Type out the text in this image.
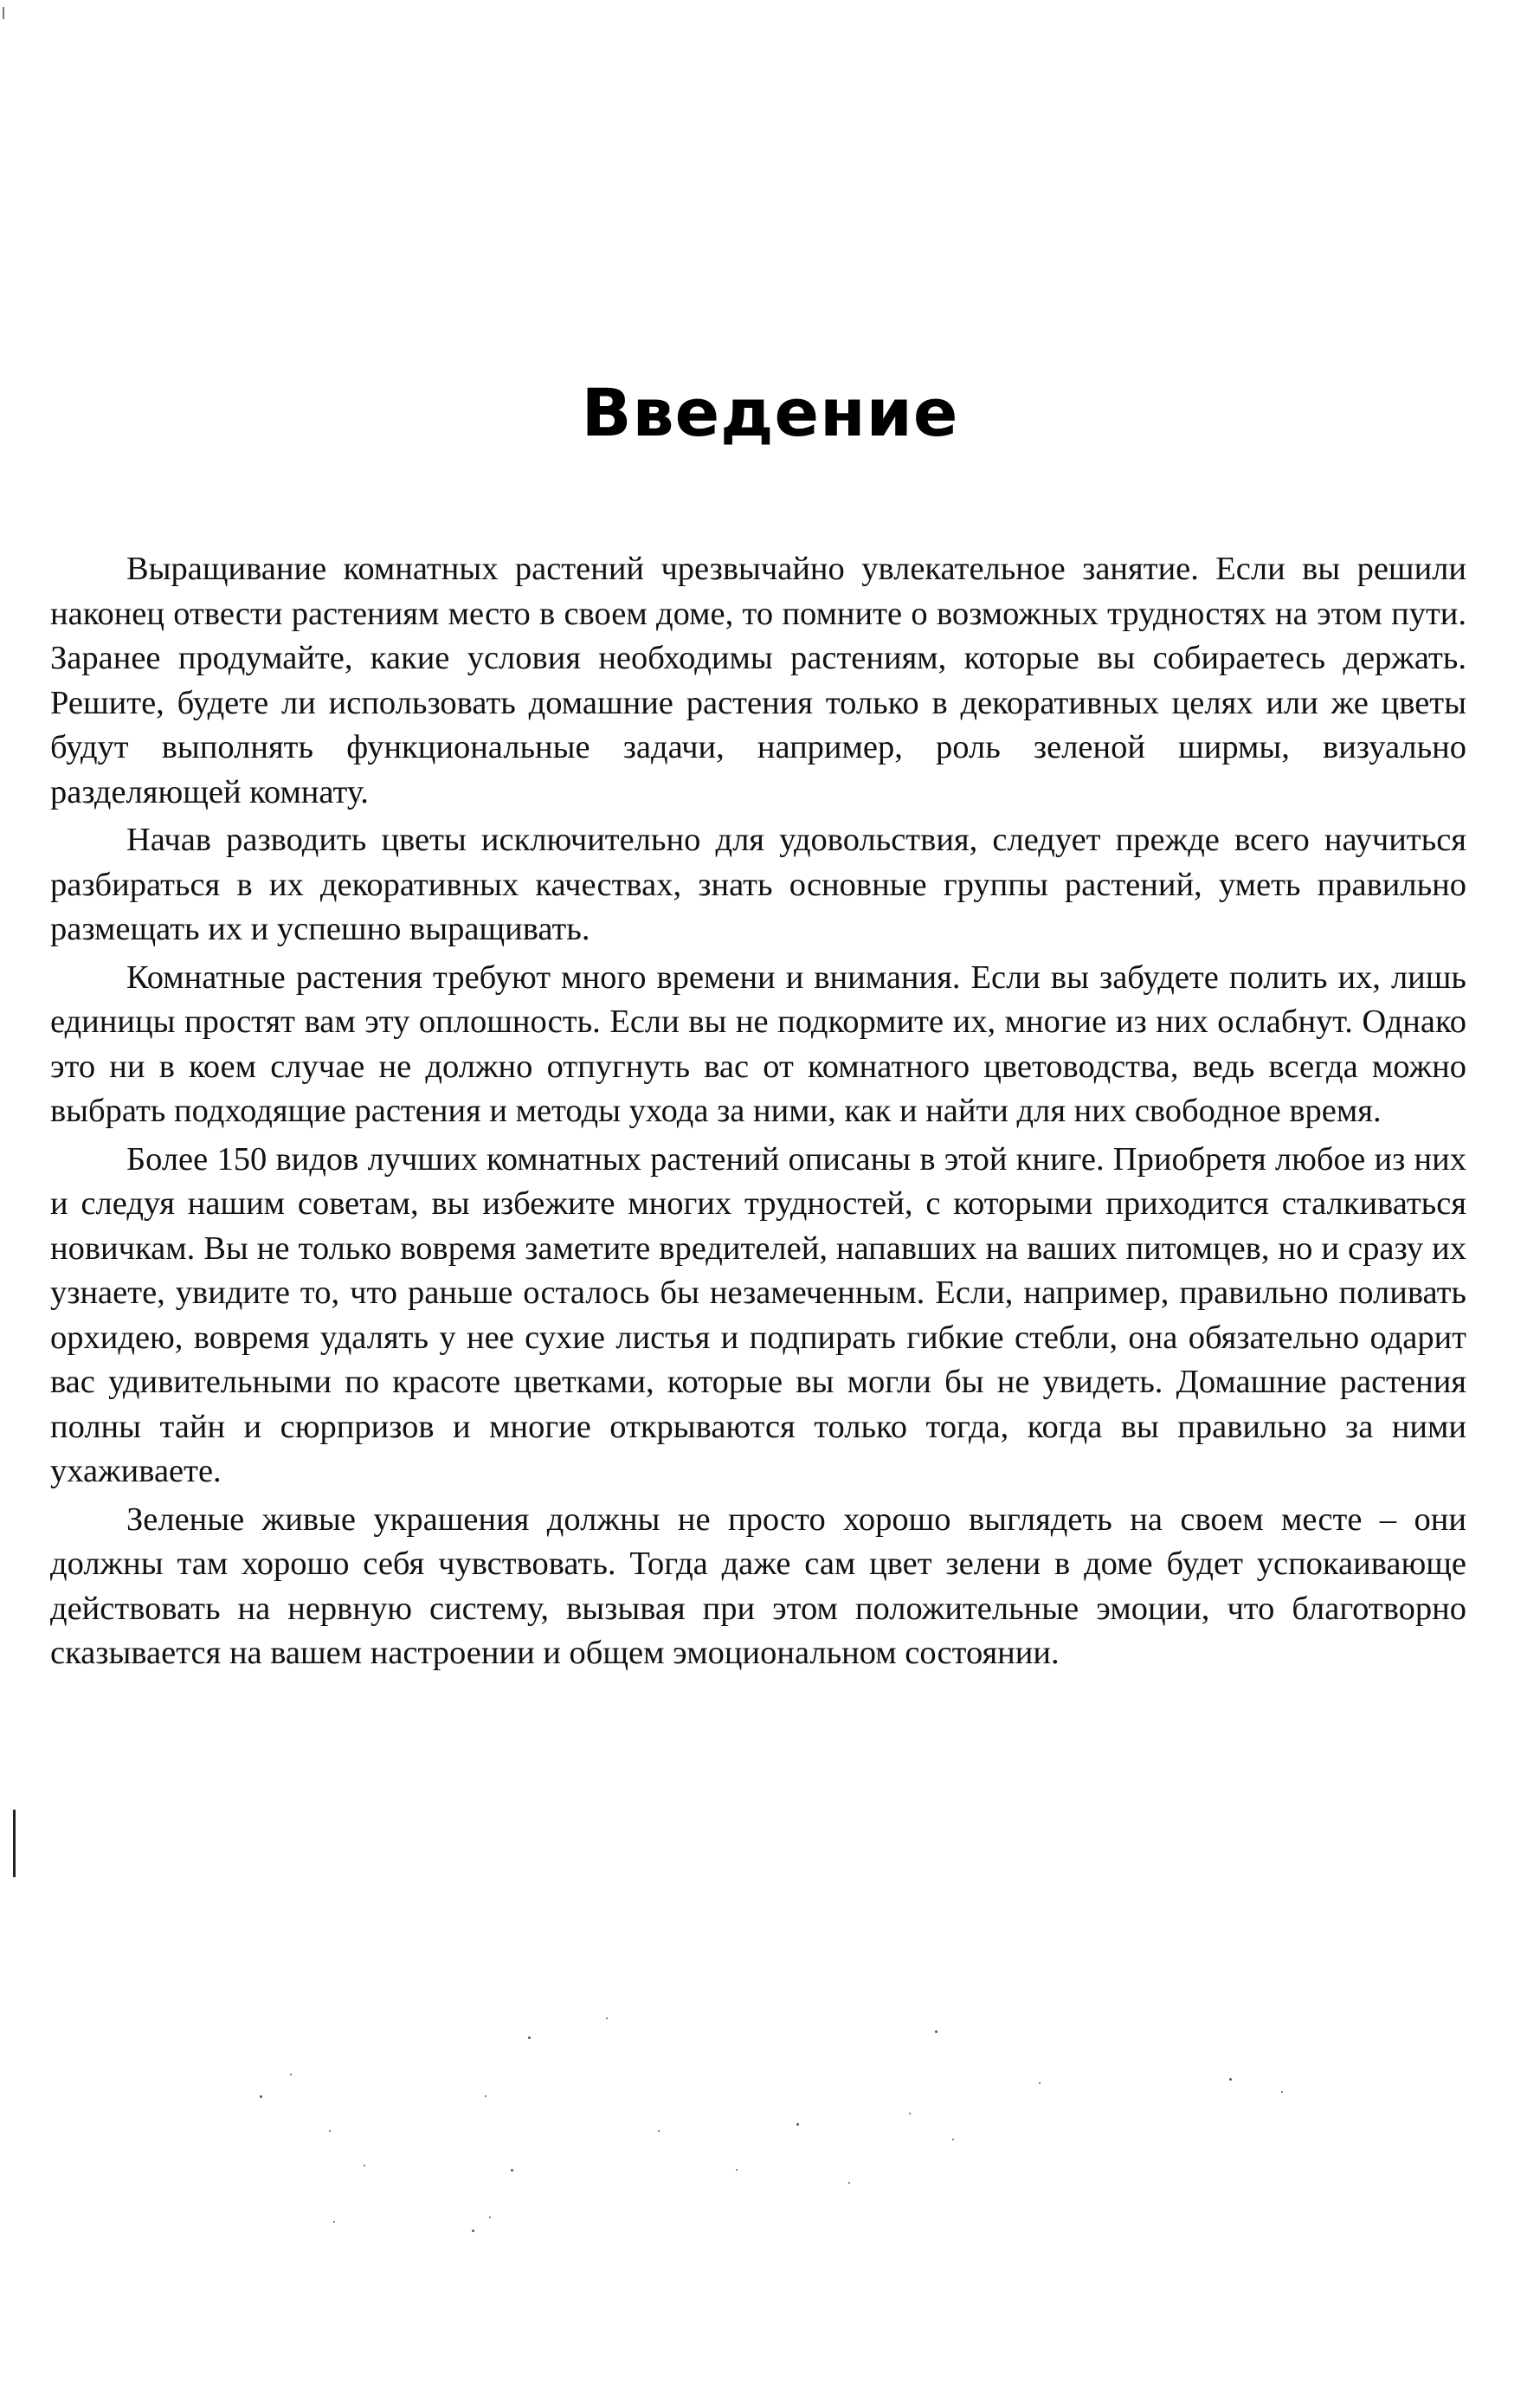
Введение

Выращивание комнатных растений чрезвычайно увлекательное занятие. Если вы решили наконец отвести растениям место в своем доме, то помните о возможных трудностях на этом пути. Заранее продумайте, какие условия необходимы растениям, которые вы собираетесь держать. Решите, будете ли использовать домашние растения только в декоративных целях или же цветы будут выполнять функциональные задачи, например, роль зеленой ширмы, визуально разделяющей комнату.

Начав разводить цветы исключительно для удовольствия, следует прежде всего научиться разбираться в их декоративных качествах, знать основные группы растений, уметь правильно размещать их и успешно выращивать.

Комнатные растения требуют много времени и внимания. Если вы забудете полить их, лишь единицы простят вам эту оплошность. Если вы не подкормите их, многие из них ослабнут. Однако это ни в коем случае не должно отпугнуть вас от комнатного цветоводства, ведь всегда можно выбрать подходящие растения и методы ухода за ними, как и найти для них свободное время.

Более 150 видов лучших комнатных растений описаны в этой книге. Приобретя любое из них и следуя нашим советам, вы избежите многих трудностей, с которыми приходится сталкиваться новичкам. Вы не только вовремя заметите вредителей, напавших на ваших питомцев, но и сразу их узнаете, увидите то, что раньше осталось бы незамеченным. Если, например, правильно поливать орхидею, вовремя удалять у нее сухие листья и подпирать гибкие стебли, она обязательно одарит вас удивительными по красоте цветками, которые вы могли бы не увидеть. Домашние растения полны тайн и сюрпризов и многие открываются только тогда, когда вы правильно за ними ухаживаете.

Зеленые живые украшения должны не просто хорошо выглядеть на своем месте – они должны там хорошо себя чувствовать. Тогда даже сам цвет зелени в доме будет успокаивающе действовать на нервную систему, вызывая при этом положительные эмоции, что благотворно сказывается на вашем настроении и общем эмоциональном состоянии.
